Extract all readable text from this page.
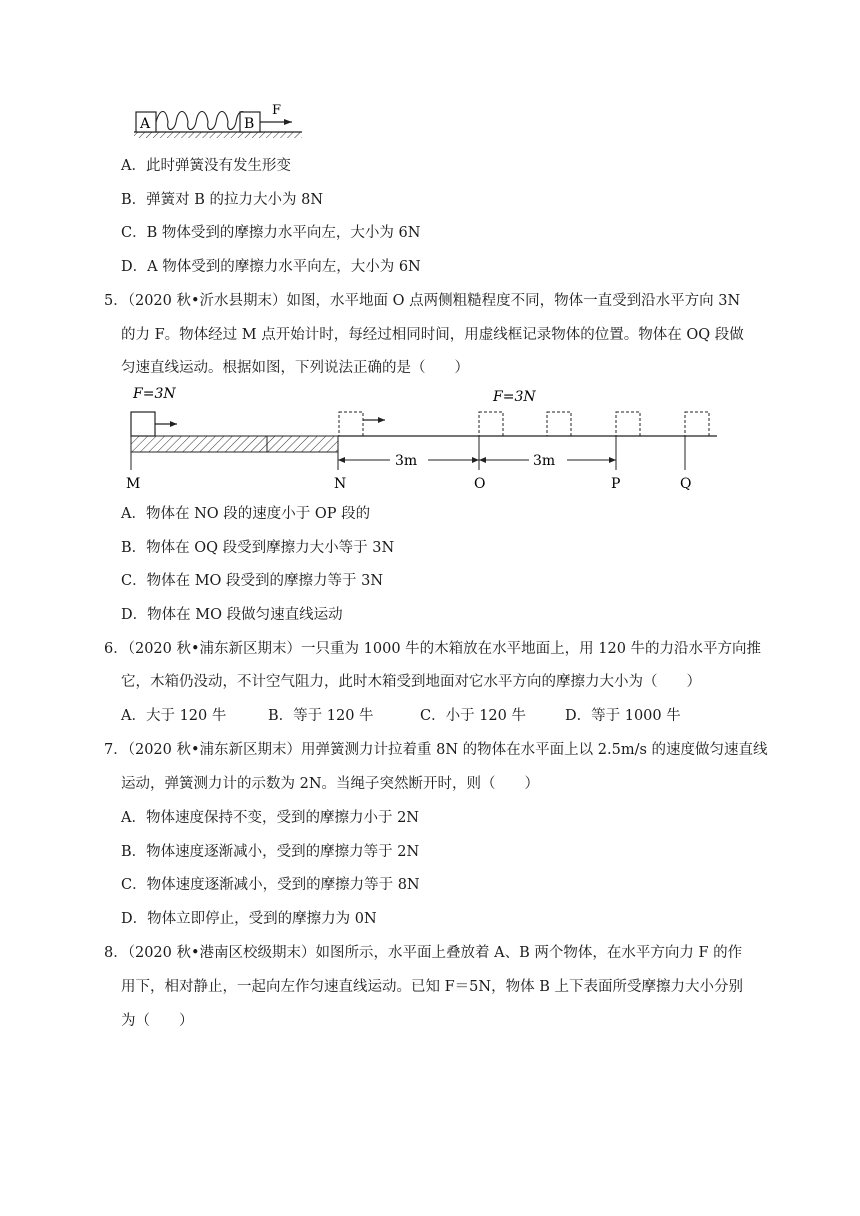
A	B
F
A．此时弹簧没有发生形变
B．弹簧对 B 的拉力大小为 8N
C．B 物体受到的摩擦力水平向左，大小为 6N
D．A 物体受到的摩擦力水平向左，大小为 6N
5．（2020 秋•沂水县期末）如图，水平地面 O 点两侧粗糙程度不同，物体一直受到沿水平方向 3N
的力 F。物体经过 M 点开始计时，每经过相同时间，用虚线框记录物体的位置。物体在 OQ 段做
匀速直线运动。根据如图，下列说法正确的是（　　）
F=3N	F=3N
3m	3m
M	N	O	P	Q
A．物体在 NO 段的速度小于 OP 段的
B．物体在 OQ 段受到摩擦力大小等于 3N
C．物体在 MO 段受到的摩擦力等于 3N
D．物体在 MO 段做匀速直线运动
6．（2020 秋•浦东新区期末）一只重为 1000 牛的木箱放在水平地面上，用 120 牛的力沿水平方向推
它，木箱仍没动，不计空气阻力，此时木箱受到地面对它水平方向的摩擦力大小为（　　）
A．大于 120 牛	B．等于 120 牛	C．小于 120 牛	D．等于 1000 牛
7．（2020 秋•浦东新区期末）用弹簧测力计拉着重 8N 的物体在水平面上以 2.5m/s 的速度做匀速直线
运动，弹簧测力计的示数为 2N。当绳子突然断开时，则（　　）
A．物体速度保持不变，受到的摩擦力小于 2N
B．物体速度逐渐减小，受到的摩擦力等于 2N
C．物体速度逐渐减小，受到的摩擦力等于 8N
D．物体立即停止，受到的摩擦力为 0N
8．（2020 秋•港南区校级期末）如图所示，水平面上叠放着 A、B 两个物体，在水平方向力 F 的作
用下，相对静止，一起向左作匀速直线运动。已知 F＝5N，物体 B 上下表面所受摩擦力大小分别
为（　　）
